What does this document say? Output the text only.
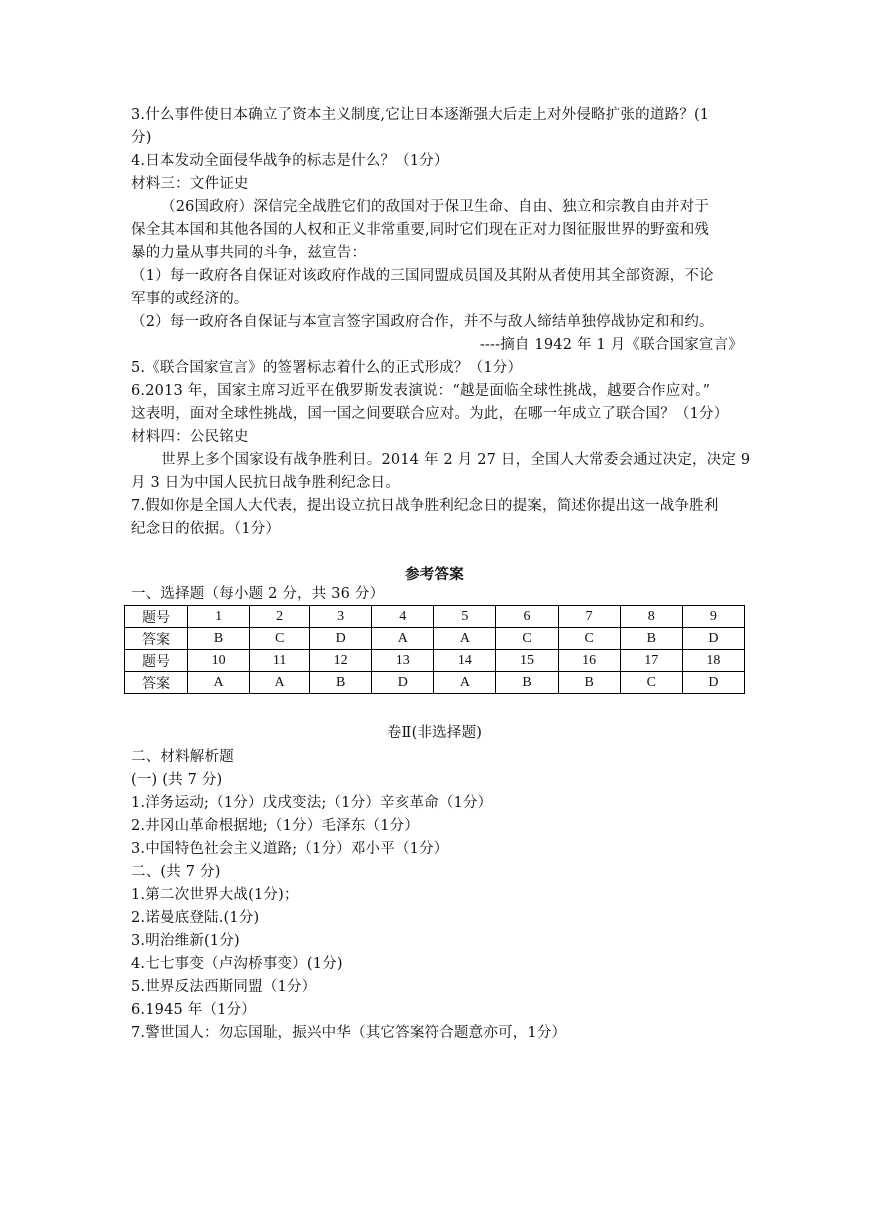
3.什么事件使日本确立了资本主义制度,它让日本逐渐强大后走上对外侵略扩张的道路？(1
分)
4.日本发动全面侵华战争的标志是什么？（1分）
材料三：文件证史
（26国政府）深信完全战胜它们的敌国对于保卫生命、自由、独立和宗教自由并对于
保全其本国和其他各国的人权和正义非常重要,同时它们现在正对力图征服世界的野蛮和残
暴的力量从事共同的斗争，兹宣告：
（1）每一政府各自保证对该政府作战的三国同盟成员国及其附从者使用其全部资源，不论
军事的或经济的。
（2）每一政府各自保证与本宣言签字国政府合作，并不与敌人缔结单独停战协定和和约。
----摘自 1942 年 1 月《联合国家宣言》
5.《联合国家宣言》的签署标志着什么的正式形成？（1分）
6.2013 年，国家主席习近平在俄罗斯发表演说：“越是面临全球性挑战，越要合作应对。”
这表明，面对全球性挑战，国一国之间要联合应对。为此，在哪一年成立了联合国？（1分）
材料四：公民铭史
世界上多个国家设有战争胜利日。2014 年 2 月 27 日，全国人大常委会通过决定，决定 9
月 3 日为中国人民抗日战争胜利纪念日。
7.假如你是全国人大代表，提出设立抗日战争胜利纪念日的提案，简述你提出这一战争胜利
纪念日的依据。（1分）
参考答案
一、选择题（每小题 2 分，共 36 分）
题号	1	2	3	4	5	6	7	8	9
答案	B	C	D	A	A	C	C	B	D
题号	10	11	12	13	14	15	16	17	18
答案	A	A	B	D	A	B	B	C	D
卷Ⅱ(非选择题)
二、材料解析题
(一) (共 7 分)
1.洋务运动;（1分）戊戌变法;（1分）辛亥革命（1分）
2.井冈山革命根据地;（1分）毛泽东（1分）
3.中国特色社会主义道路;（1分）邓小平（1分）
二、(共 7 分)
1.第二次世界大战(1分)；
2.诺曼底登陆.(1分)
3.明治维新(1分)
4.七七事变（卢沟桥事变）(1分)
5.世界反法西斯同盟（1分）
6.1945 年（1分）
7.警世国人：勿忘国耻，振兴中华（其它答案符合题意亦可，1分）
